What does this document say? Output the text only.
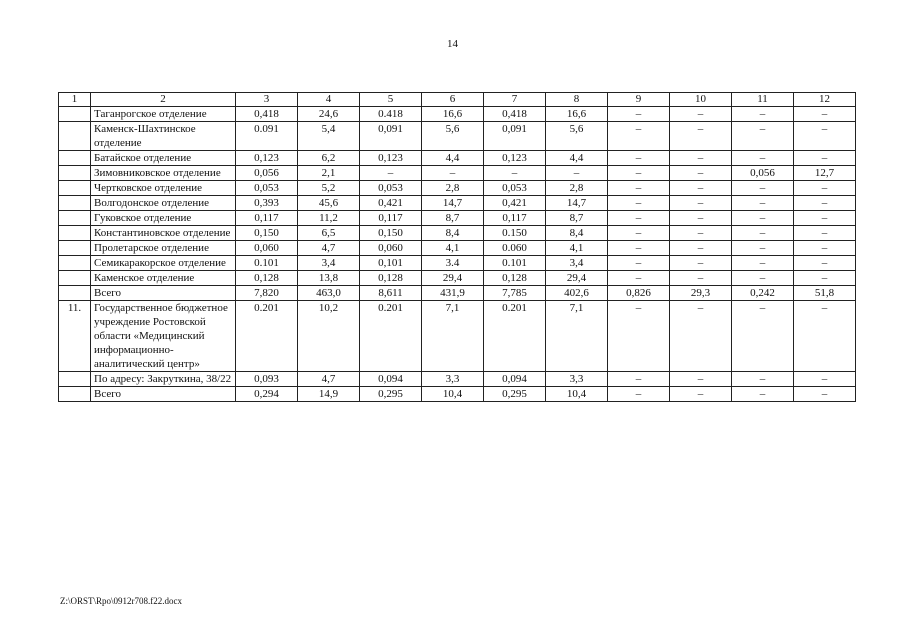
14
1	2	3	4	5	6	7	8	9	10	11	12
	Таганрогское отделение	0,418	24,6	0.418	16,6	0,418	16,6	–	–	–	–
	Каменск-Шахтинское отделение	0.091	5,4	0,091	5,6	0,091	5,6	–	–	–	–
	Батайское отделение	0,123	6,2	0,123	4,4	0,123	4,4	–	–	–	–
	Зимовниковское отделение	0,056	2,1	–	–	–	–	–	–	0,056	12,7
	Чертковское отделение	0,053	5,2	0,053	2,8	0,053	2,8	–	–	–	–
	Волгодонское отделение	0,393	45,6	0,421	14,7	0,421	14,7	–	–	–	–
	Гуковское отделение	0,117	11,2	0,117	8,7	0,117	8,7	–	–	–	–
	Константиновское отделение	0,150	6,5	0,150	8,4	0.150	8,4	–	–	–	–
	Пролетарское отделение	0,060	4,7	0,060	4,1	0.060	4,1	–	–	–	–
	Семикаракорское отделение	0.101	3,4	0,101	3.4	0.101	3,4	–	–	–	–
	Каменское отделение	0,128	13,8	0,128	29,4	0,128	29,4	–	–	–	–
	Всего	7,820	463,0	8,611	431,9	7,785	402,6	0,826	29,3	0,242	51,8
11.	Государственное бюджетное учреждение Ростовской области «Медицинский информационно-аналитический центр»	0.201	10,2	0.201	7,1	0.201	7,1	–	–	–	–
	По адресу: Закруткина, 38/22	0,093	4,7	0,094	3,3	0,094	3,3	–	–	–	–
	Всего	0,294	14,9	0,295	10,4	0,295	10,4	–	–	–	–
Z:\ORST\Rpo\0912r708.f22.docx
